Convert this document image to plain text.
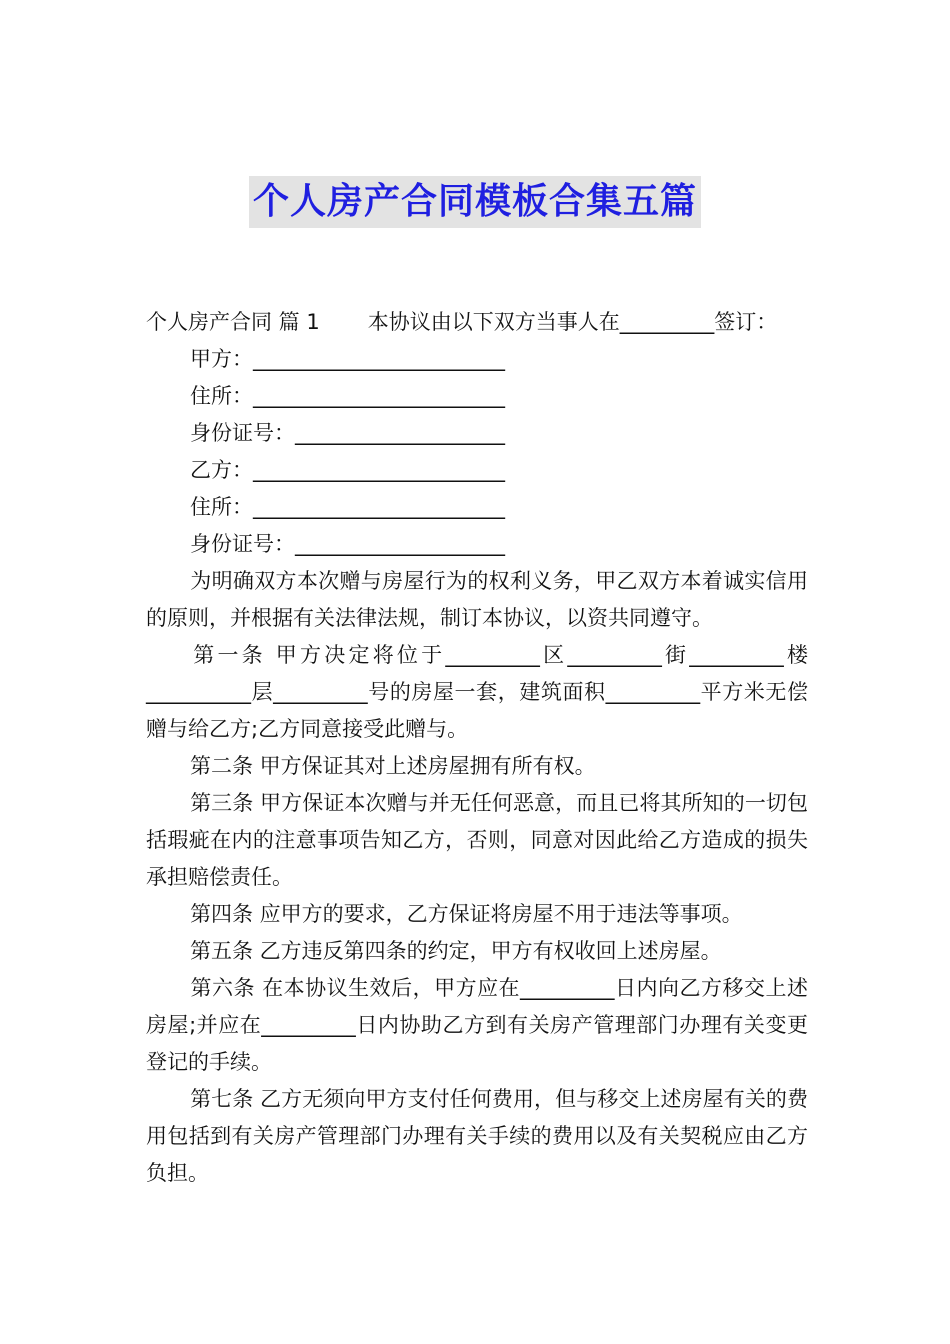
个人房产合同模板合集五篇
个人房产合同 篇 1 本协议由以下双方当事人在_________签订：
甲方：________________________
住所：________________________
身份证号：____________________
乙方：________________________
住所：________________________
身份证号：____________________
为明确双方本次赠与房屋行为的权利义务，甲乙双方本着诚实信用的原则，并根据有关法律法规，制订本协议，以资共同遵守。
第一条 甲方决定将位于_________区_________街_________楼__________层_________号的房屋一套，建筑面积_________平方米无偿赠与给乙方;乙方同意接受此赠与。
第二条 甲方保证其对上述房屋拥有所有权。
第三条 甲方保证本次赠与并无任何恶意，而且已将其所知的一切包括瑕疵在内的注意事项告知乙方，否则，同意对因此给乙方造成的损失承担赔偿责任。
第四条 应甲方的要求，乙方保证将房屋不用于违法等事项。
第五条 乙方违反第四条的约定，甲方有权收回上述房屋。
第六条 在本协议生效后，甲方应在_________日内向乙方移交上述房屋;并应在_________日内协助乙方到有关房产管理部门办理有关变更登记的手续。
第七条 乙方无须向甲方支付任何费用，但与移交上述房屋有关的费用包括到有关房产管理部门办理有关手续的费用以及有关契税应由乙方负担。
